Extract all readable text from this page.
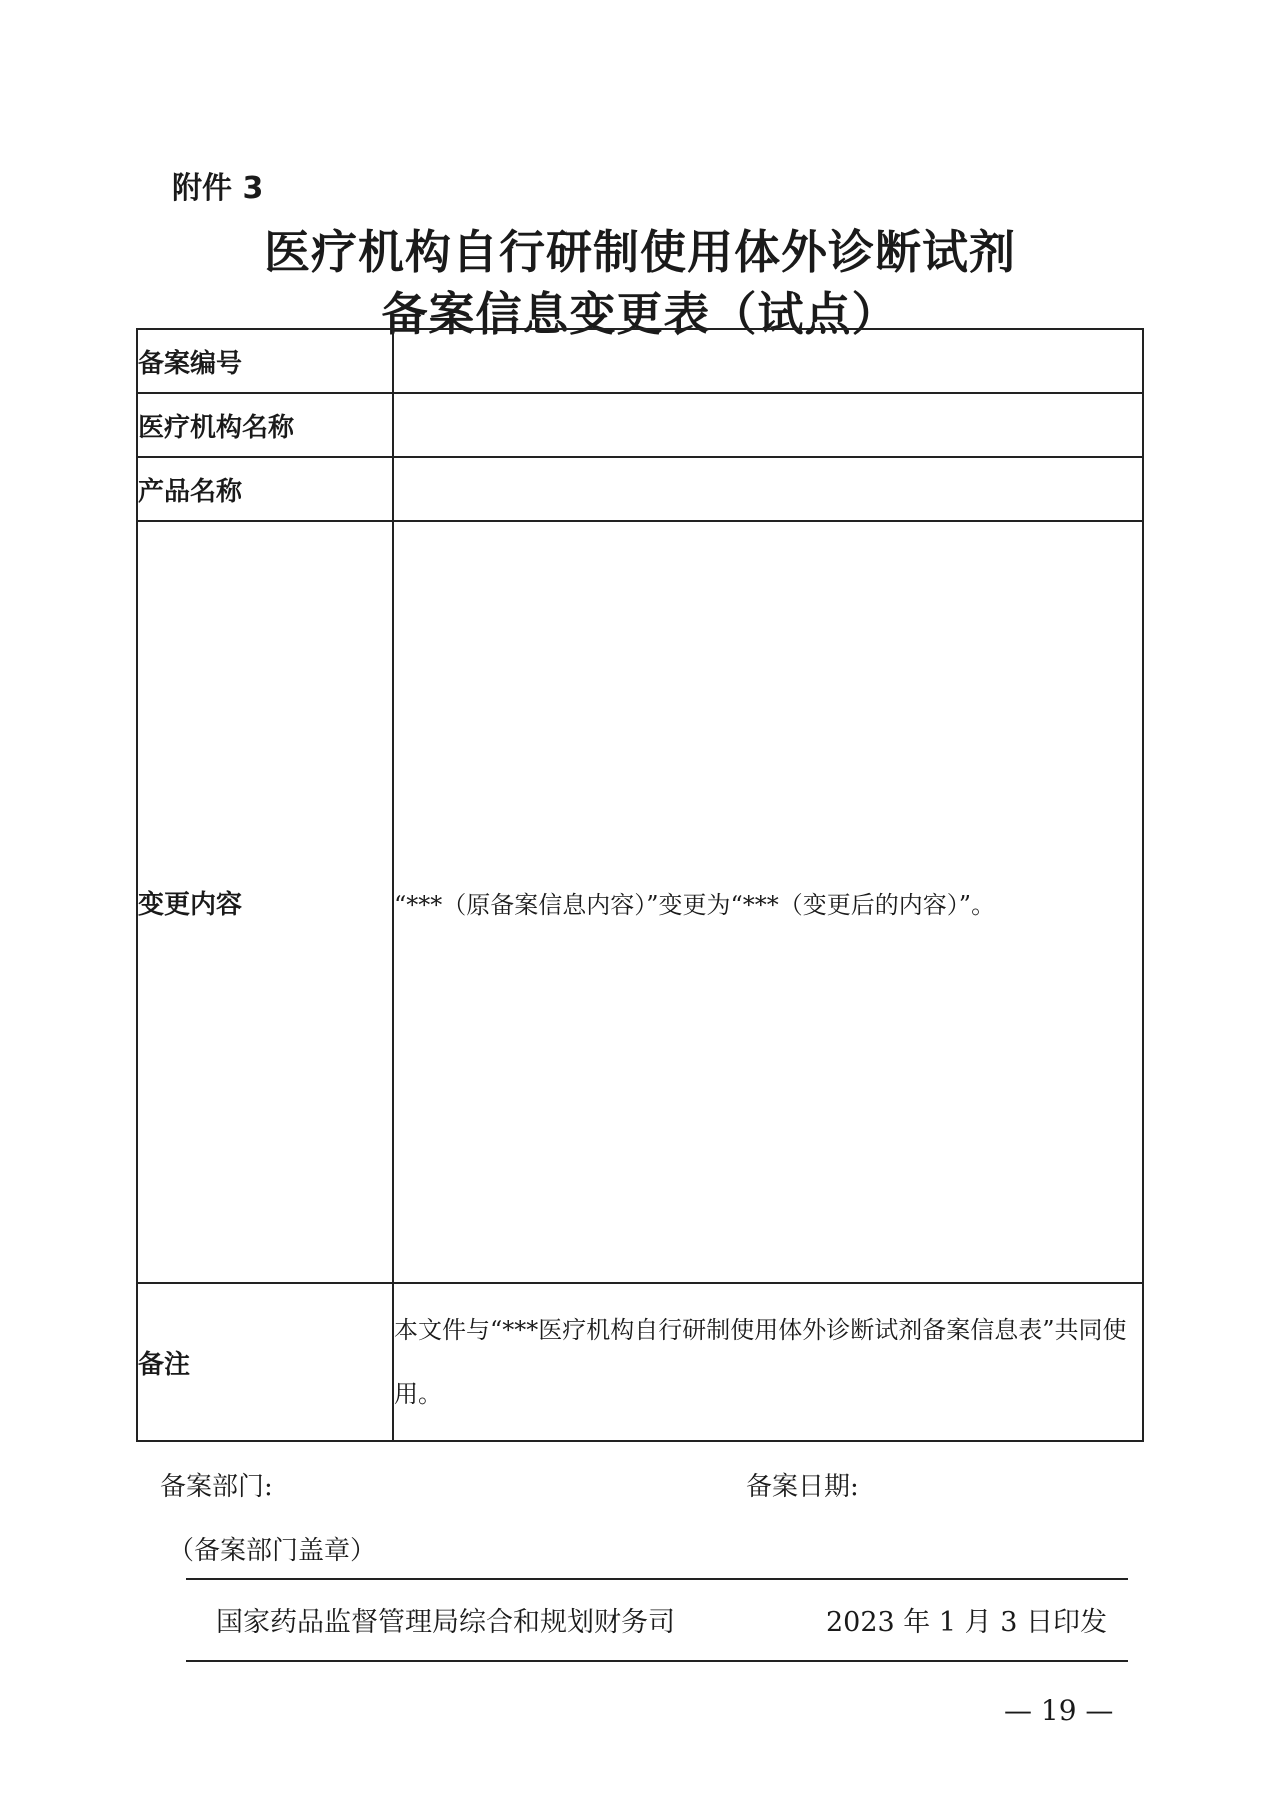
附件 3
医疗机构自行研制使用体外诊断试剂
备案信息变更表（试点）
备案编号	
医疗机构名称	
产品名称	
变更内容	“***（原备案信息内容）”变更为“***（变更后的内容）”。
备注	本文件与“***医疗机构自行研制使用体外诊断试剂备案信息表”共同使用。
备案部门:	备案日期:
（备案部门盖章）
国家药品监督管理局综合和规划财务司	2023 年 1 月 3 日印发
— 19 —
